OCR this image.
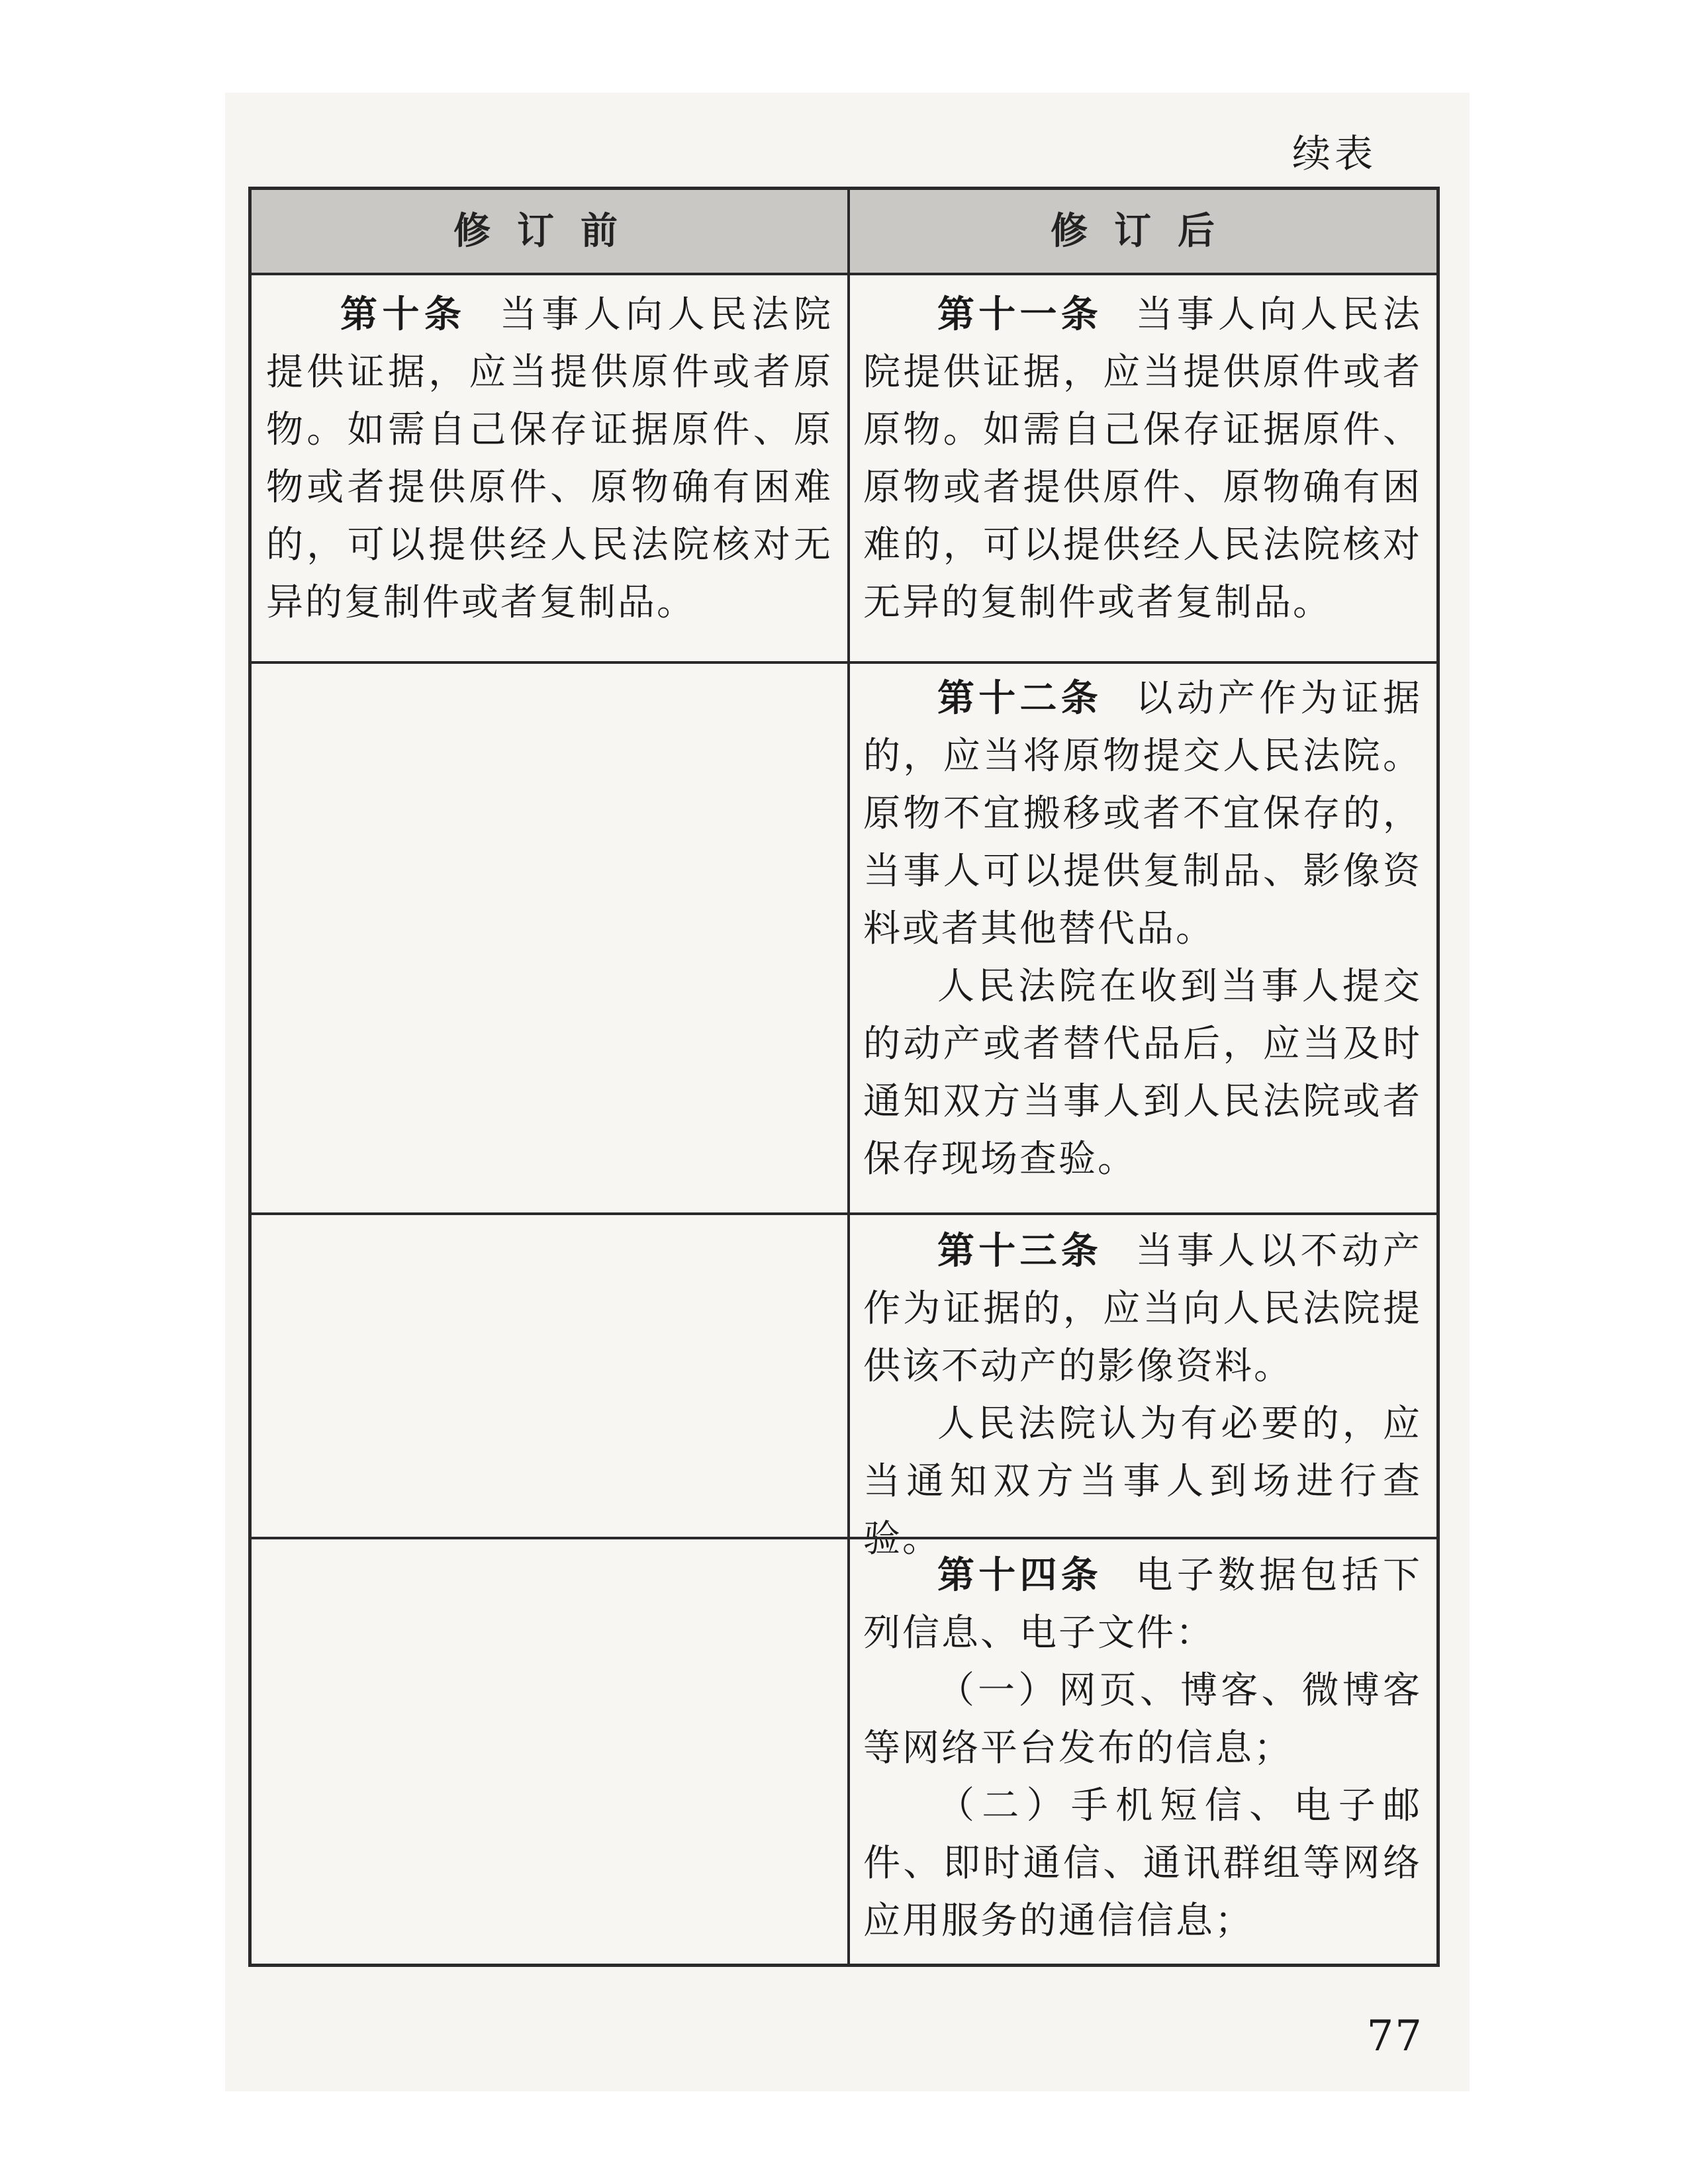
续表
修订前	修订后

第十条 当事人向人民法院提供证据，应当提供原件或者原物。如需自己保存证据原件、原物或者提供原件、原物确有困难的，可以提供经人民法院核对无异的复制件或者复制品。

第十一条 当事人向人民法院提供证据，应当提供原件或者原物。如需自己保存证据原件、原物或者提供原件、原物确有困难的，可以提供经人民法院核对无异的复制件或者复制品。

第十二条 以动产作为证据的，应当将原物提交人民法院。原物不宜搬移或者不宜保存的，当事人可以提供复制品、影像资料或者其他替代品。

人民法院在收到当事人提交的动产或者替代品后，应当及时通知双方当事人到人民法院或者保存现场查验。

第十三条 当事人以不动产作为证据的，应当向人民法院提供该不动产的影像资料。

人民法院认为有必要的，应当通知双方当事人到场进行查验。

第十四条 电子数据包括下列信息、电子文件：

（一）网页、博客、微博客等网络平台发布的信息；

（二）手机短信、电子邮件、即时通信、通讯群组等网络应用服务的通信信息；

77
